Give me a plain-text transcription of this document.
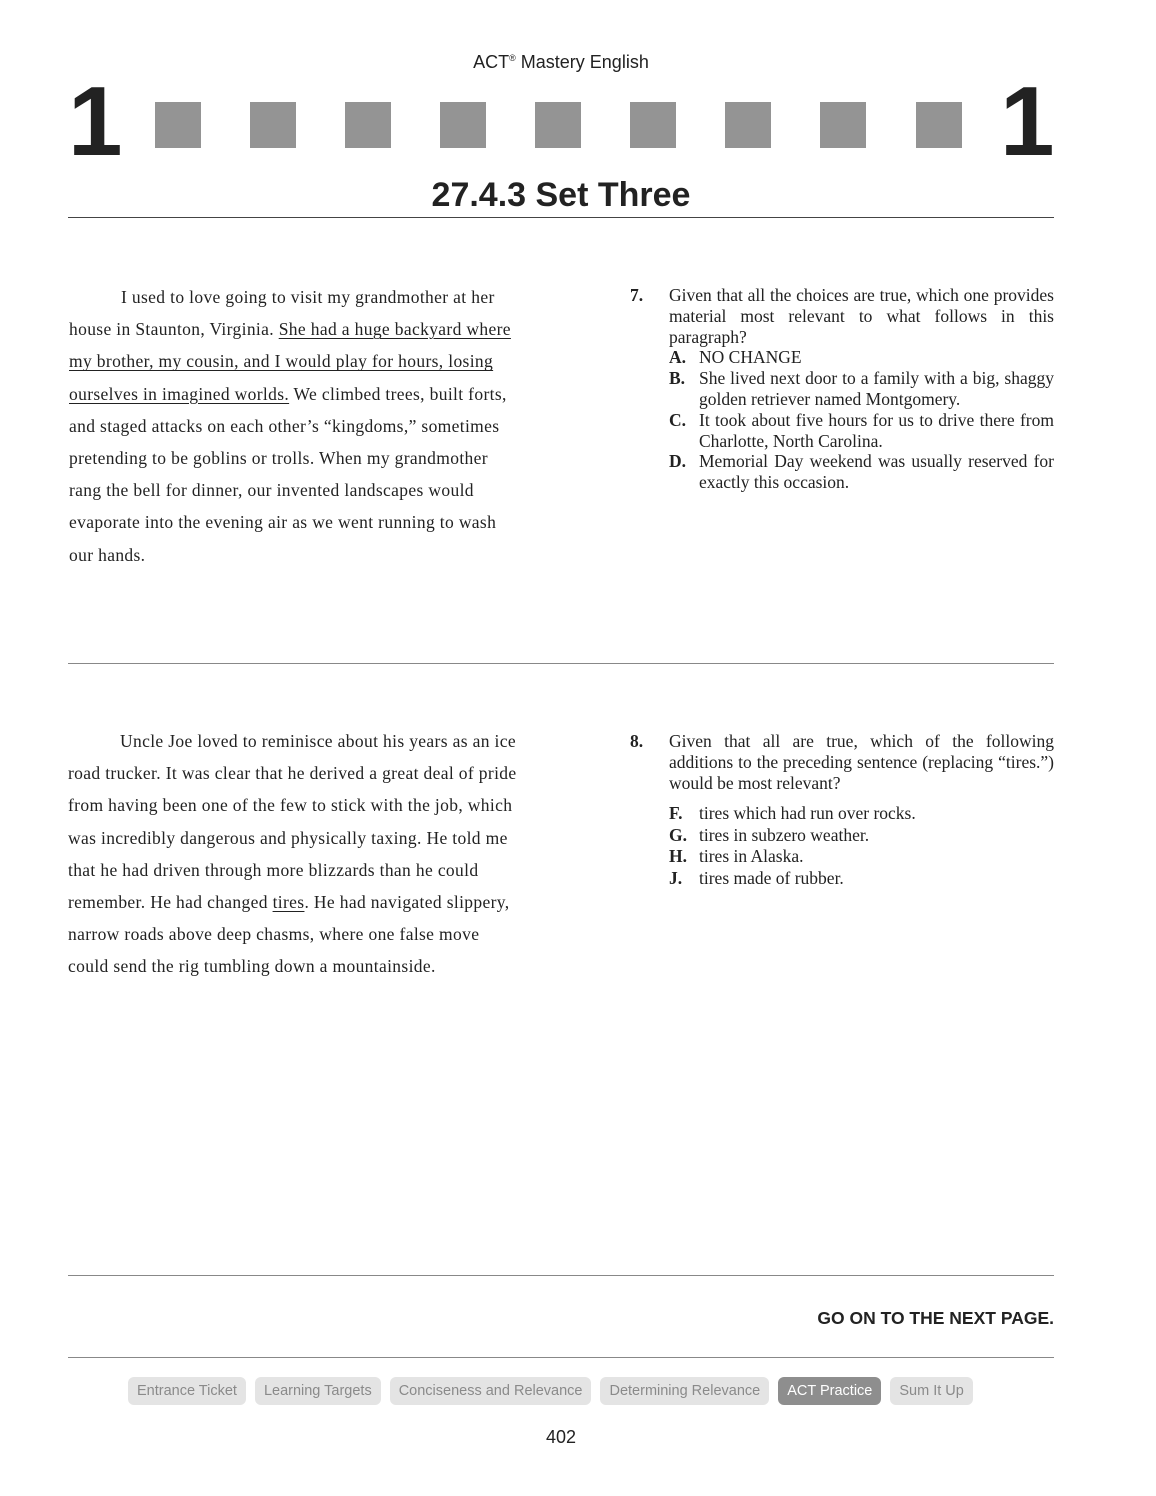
ACT® Mastery English
1	1
27.4.3 Set Three
I used to love going to visit my grandmother at her house in Staunton, Virginia. She had a huge backyard where my brother, my cousin, and I would play for hours, losing ourselves in imagined worlds. We climbed trees, built forts, and staged attacks on each other’s “kingdoms,” sometimes pretending to be goblins or trolls. When my grandmother rang the bell for dinner, our invented landscapes would evaporate into the evening air as we went running to wash our hands.
7.	Given that all the choices are true, which one provides material most relevant to what follows in this paragraph?
A. NO CHANGE
B. She lived next door to a family with a big, shaggy golden retriever named Montgomery.
C. It took about five hours for us to drive there from Charlotte, North Carolina.
D. Memorial Day weekend was usually reserved for exactly this occasion.
Uncle Joe loved to reminisce about his years as an ice road trucker. It was clear that he derived a great deal of pride from having been one of the few to stick with the job, which was incredibly dangerous and physically taxing. He told me that he had driven through more blizzards than he could remember. He had changed tires. He had navigated slippery, narrow roads above deep chasms, where one false move could send the rig tumbling down a mountainside.
8.	Given that all are true, which of the following additions to the preceding sentence (replacing “tires.”) would be most relevant?
F. tires which had run over rocks.
G. tires in subzero weather.
H. tires in Alaska.
J. tires made of rubber.
GO ON TO THE NEXT PAGE.
Entrance Ticket	Learning Targets	Conciseness and Relevance	Determining Relevance	ACT Practice	Sum It Up
402
